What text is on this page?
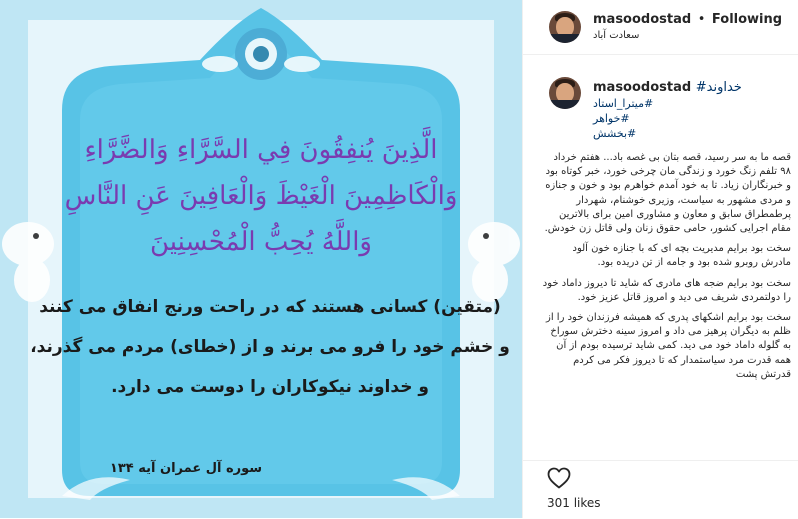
الَّذِينَ يُنفِقُونَ فِي السَّرَّاءِ وَالضَّرَّاءِ
وَالْكَاظِمِينَ الْغَيْظَ وَالْعَافِينَ عَنِ النَّاسِ
وَاللَّهُ يُحِبُّ الْمُحْسِنِينَ
(متقین) کسانی هستند که در راحت ورنج انفاق می کنند
و خشم خود را فرو می برند و از (خطای) مردم می گذرند،
و خداوند نیکوکاران را دوست می دارد.
سوره آل عمران آیه ۱۳۴
masoodostad • Following
سعادت آباد
masoodostad #خداوند
#میترا_استاد
#خواهر
#بخشش

قصه ما به سر رسید، قصه بتان بی غصه باد... هفتم خرداد ۹۸ تلفم زنگ خورد و زندگی مان چرخی خورد، خبر کوتاه بود و خبرنگاران زیاد. تا به خود آمدم خواهرم بود و خون و جنازه و مردی مشهور به سیاست، وزیری خوشنام، شهردار پرطمطراق سابق و معاون و مشاوری امین برای بالاترین مقام اجرایی کشور، حامی حقوق زنان ولی قاتل زن خودش.

سخت بود برایم مدیریت بچه ای که با جنازه خون آلود مادرش روبرو شده بود و جامه از تن دریده بود.

سخت بود برایم ضجه های مادری که شاید تا دیروز داماد خود را دولتمردی شریف می دید و امروز قاتل عزیز خود.

سخت بود برایم اشکهای پدری که همیشه فرزندان خود را از ظلم به دیگران پرهیز می داد و امروز سینه دخترش سوراخ به گلوله داماد خود می دید. کمی شاید ترسیده بودم از آن همه قدرت مرد سیاستمدار که تا دیروز فکر می کردم قدرتش پشت

301 likes
